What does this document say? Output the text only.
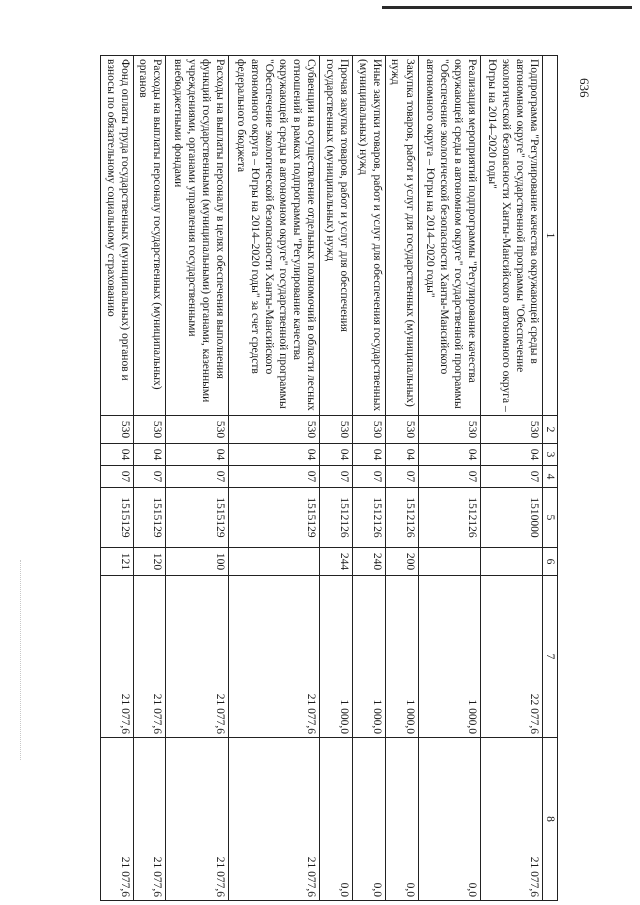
636
1	2	3	4	5	6	7	8
Подпрограмма "Регулирование качества окружающей среды в автономном округе" государственной программы "Обеспечение экологической безопасности Ханты-Мансийского автономного округа – Югры на 2014–2020 годы"	530	04	07	1510000		22 077,6	21 077,6
Реализация мероприятий подпрограммы "Регулирование качества окружающей среды в автономном округе" государственной программы "Обеспечение экологической безопасности Ханты-Мансийского автономного округа – Югры на 2014–2020 годы"	530	04	07	1512126		1 000,0	0,0
Закупка товаров, работ и услуг для государственных (муниципальных) нужд	530	04	07	1512126	200	1 000,0	0,0
Иные закупки товаров, работ и услуг для обеспечения государственных (муниципальных) нужд	530	04	07	1512126	240	1 000,0	0,0
Прочая закупка товаров, работ и услуг для обеспечения государственных (муниципальных) нужд	530	04	07	1512126	244	1 000,0	0,0
Субвенции на осуществление отдельных полномочий в области лесных отношений в рамках подпрограммы "Регулирование качества окружающей среды в автономном округе" государственной программы "Обеспечение экологической безопасности Ханты-Мансийского автономного округа – Югры на 2014–2020 годы" за счет средств федерального бюджета	530	04	07	1515129		21 077,6	21 077,6
Расходы на выплаты персоналу в целях обеспечения выполнения функций государственными (муниципальными) органами, казенными учреждениями, органами управления государственными внебюджетными фондами	530	04	07	1515129	100	21 077,6	21 077,6
Расходы на выплаты персоналу государственных (муниципальных) органов	530	04	07	1515129	120	21 077,6	21 077,6
Фонд оплаты труда государственных (муниципальных) органов и взносы по обязательному социальному страхованию	530	04	07	1515129	121	21 077,6	21 077,6
